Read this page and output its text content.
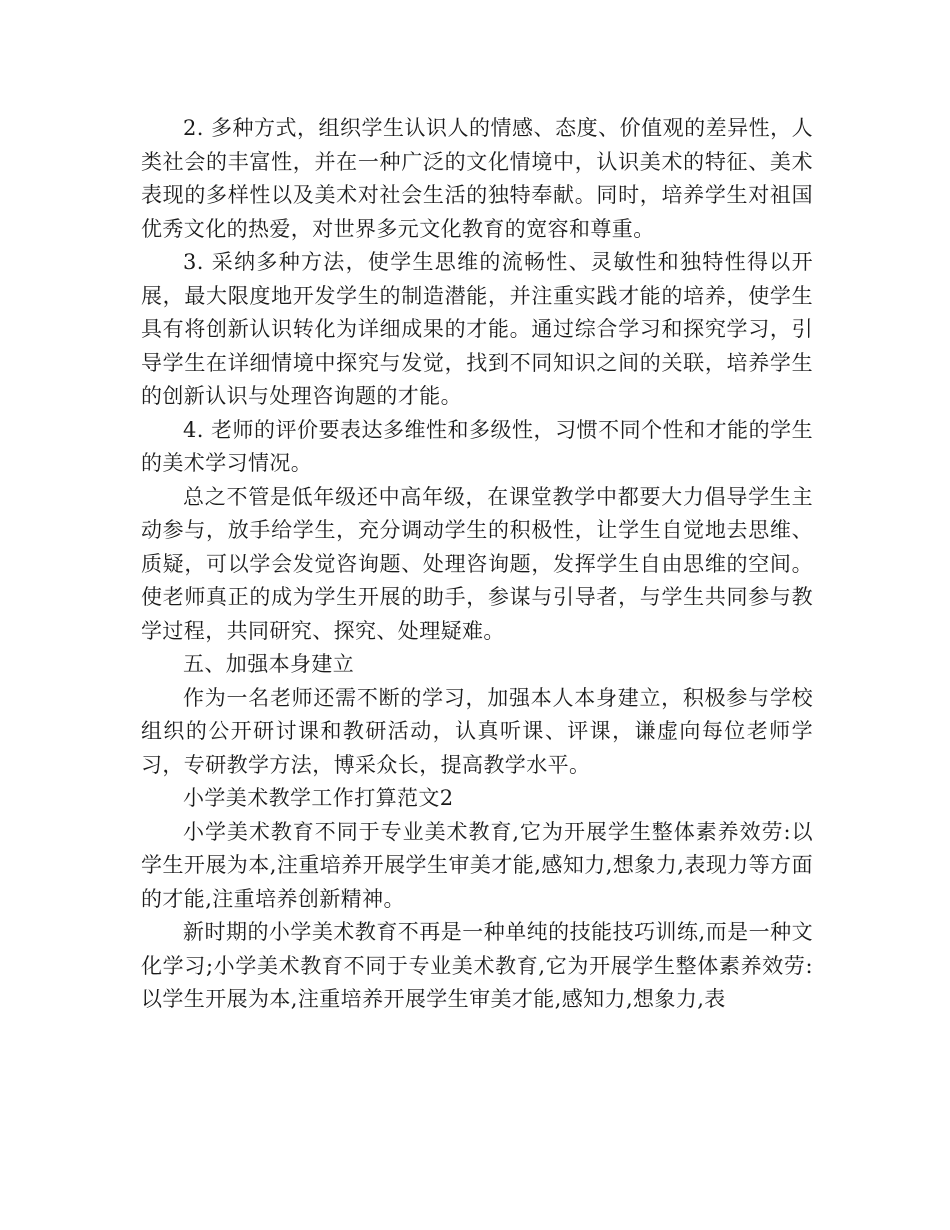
2. 多种方式，组织学生认识人的情感、态度、价值观的差异性，人类社会的丰富性，并在一种广泛的文化情境中，认识美术的特征、美术表现的多样性以及美术对社会生活的独特奉献。同时，培养学生对祖国优秀文化的热爱，对世界多元文化教育的宽容和尊重。

3. 采纳多种方法，使学生思维的流畅性、灵敏性和独特性得以开展，最大限度地开发学生的制造潜能，并注重实践才能的培养，使学生具有将创新认识转化为详细成果的才能。通过综合学习和探究学习，引导学生在详细情境中探究与发觉，找到不同知识之间的关联，培养学生的创新认识与处理咨询题的才能。

4. 老师的评价要表达多维性和多级性，习惯不同个性和才能的学生的美术学习情况。

总之不管是低年级还中高年级，在课堂教学中都要大力倡导学生主动参与，放手给学生，充分调动学生的积极性，让学生自觉地去思维、质疑，可以学会发觉咨询题、处理咨询题，发挥学生自由思维的空间。使老师真正的成为学生开展的助手，参谋与引导者，与学生共同参与教学过程，共同研究、探究、处理疑难。

五、加强本身建立

作为一名老师还需不断的学习，加强本人本身建立，积极参与学校组织的公开研讨课和教研活动，认真听课、评课，谦虚向每位老师学习，专研教学方法，博采众长，提高教学水平。

小学美术教学工作打算范文2

小学美术教育不同于专业美术教育,它为开展学生整体素养效劳:以学生开展为本,注重培养开展学生审美才能,感知力,想象力,表现力等方面的才能,注重培养创新精神。

新时期的小学美术教育不再是一种单纯的技能技巧训练,而是一种文化学习;小学美术教育不同于专业美术教育,它为开展学生整体素养效劳:以学生开展为本,注重培养开展学生审美才能,感知力,想象力,表
